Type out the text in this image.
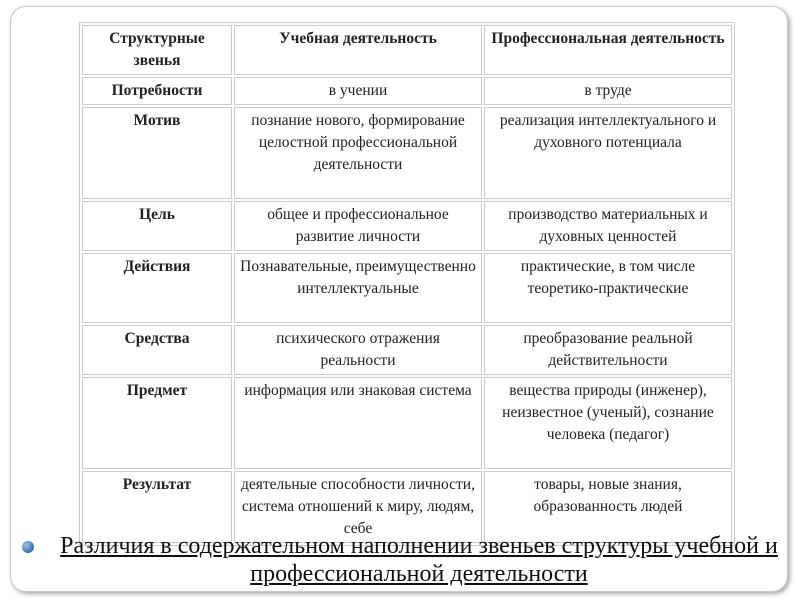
Структурные звенья	Учебная деятельность	Профессиональная деятельность
Потребности	в учении	в труде
Мотив	познание нового, формирование целостной профессиональной деятельности	реализация интеллектуального и духовного потенциала
Цель	общее и профессиональное развитие личности	производство материальных и духовных ценностей
Действия	Познавательные, преимущественно интеллектуальные	практические, в том числе теоретико-практические
Средства	психического отражения реальности	преобразование реальной действительности
Предмет	информация или знаковая система	вещества природы (инженер), неизвестное (ученый), сознание человека (педагог)
Результат	деятельные способности личности, система отношений к миру, людям, себе	товары, новые знания, образованность людей
Различия в содержательном наполнении звеньев структуры учебной и профессиональной деятельности
